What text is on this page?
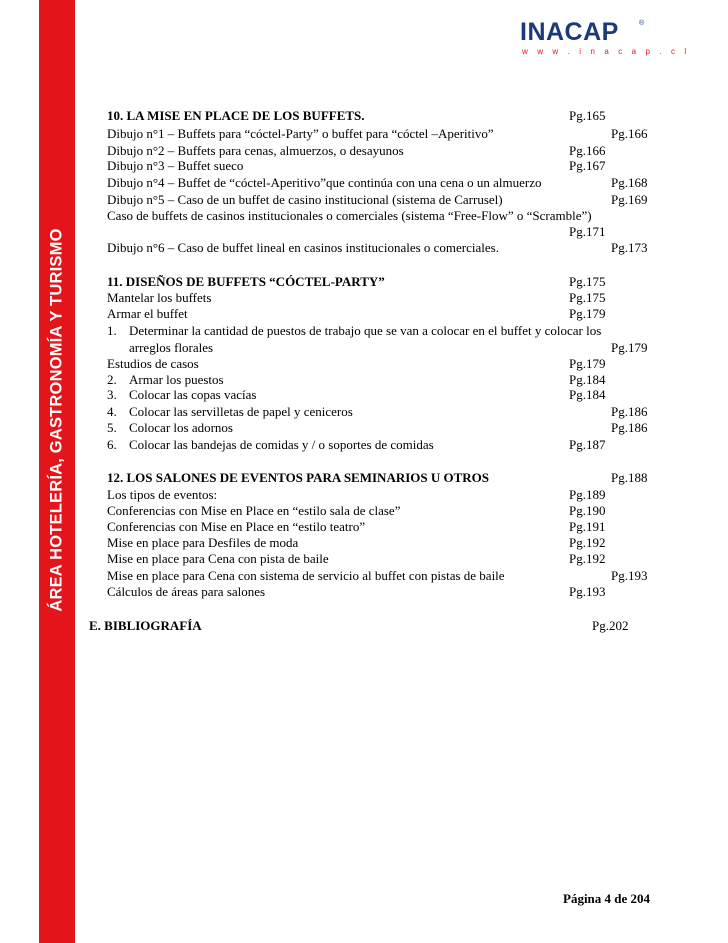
ÁREA HOTELERÍA, GASTRONOMÍA Y TURISMO
INACAP	®
w w w . i n a c a p . c l
10. LA MISE EN PLACE DE LOS BUFFETS.	Pg.165
Dibujo n°1 – Buffets para “cóctel-Party” o buffet para “cóctel –Aperitivo”	Pg.166
Dibujo n°2 – Buffets para cenas, almuerzos, o desayunos	Pg.166
Dibujo n°3 – Buffet sueco	Pg.167
Dibujo n°4 – Buffet de “cóctel-Aperitivo”que continúa con una cena o un almuerzo	Pg.168
Dibujo n°5 – Caso de un buffet de casino institucional (sistema de Carrusel)	Pg.169
Caso de buffets de casinos institucionales o comerciales (sistema “Free-Flow” o “Scramble”)
Pg.171
Dibujo n°6 – Caso de buffet lineal en casinos institucionales o comerciales.	Pg.173
11. DISEÑOS DE BUFFETS “CÓCTEL-PARTY”	Pg.175
Mantelar los buffets	Pg.175
Armar el buffet	Pg.179
1. Determinar la cantidad de puestos de trabajo que se van a colocar en el buffet y colocar los
arreglos florales	Pg.179
Estudios de casos	Pg.179
2. Armar los puestos	Pg.184
3. Colocar las copas vacías	Pg.184
4. Colocar las servilletas de papel y ceniceros	Pg.186
5. Colocar los adornos	Pg.186
6. Colocar las bandejas de comidas y / o soportes de comidas	Pg.187
12. LOS SALONES DE EVENTOS PARA SEMINARIOS U OTROS	Pg.188
Los tipos de eventos:	Pg.189
Conferencias con Mise en Place en “estilo sala de clase”	Pg.190
Conferencias con Mise en Place en “estilo teatro”	Pg.191
Mise en place para Desfiles de moda	Pg.192
Mise en place para Cena con pista de baile	Pg.192
Mise en place para Cena con sistema de servicio al buffet con pistas de baile	Pg.193
Cálculos de áreas para salones	Pg.193
E. BIBLIOGRAFÍA	Pg.202
Página 4 de 204
